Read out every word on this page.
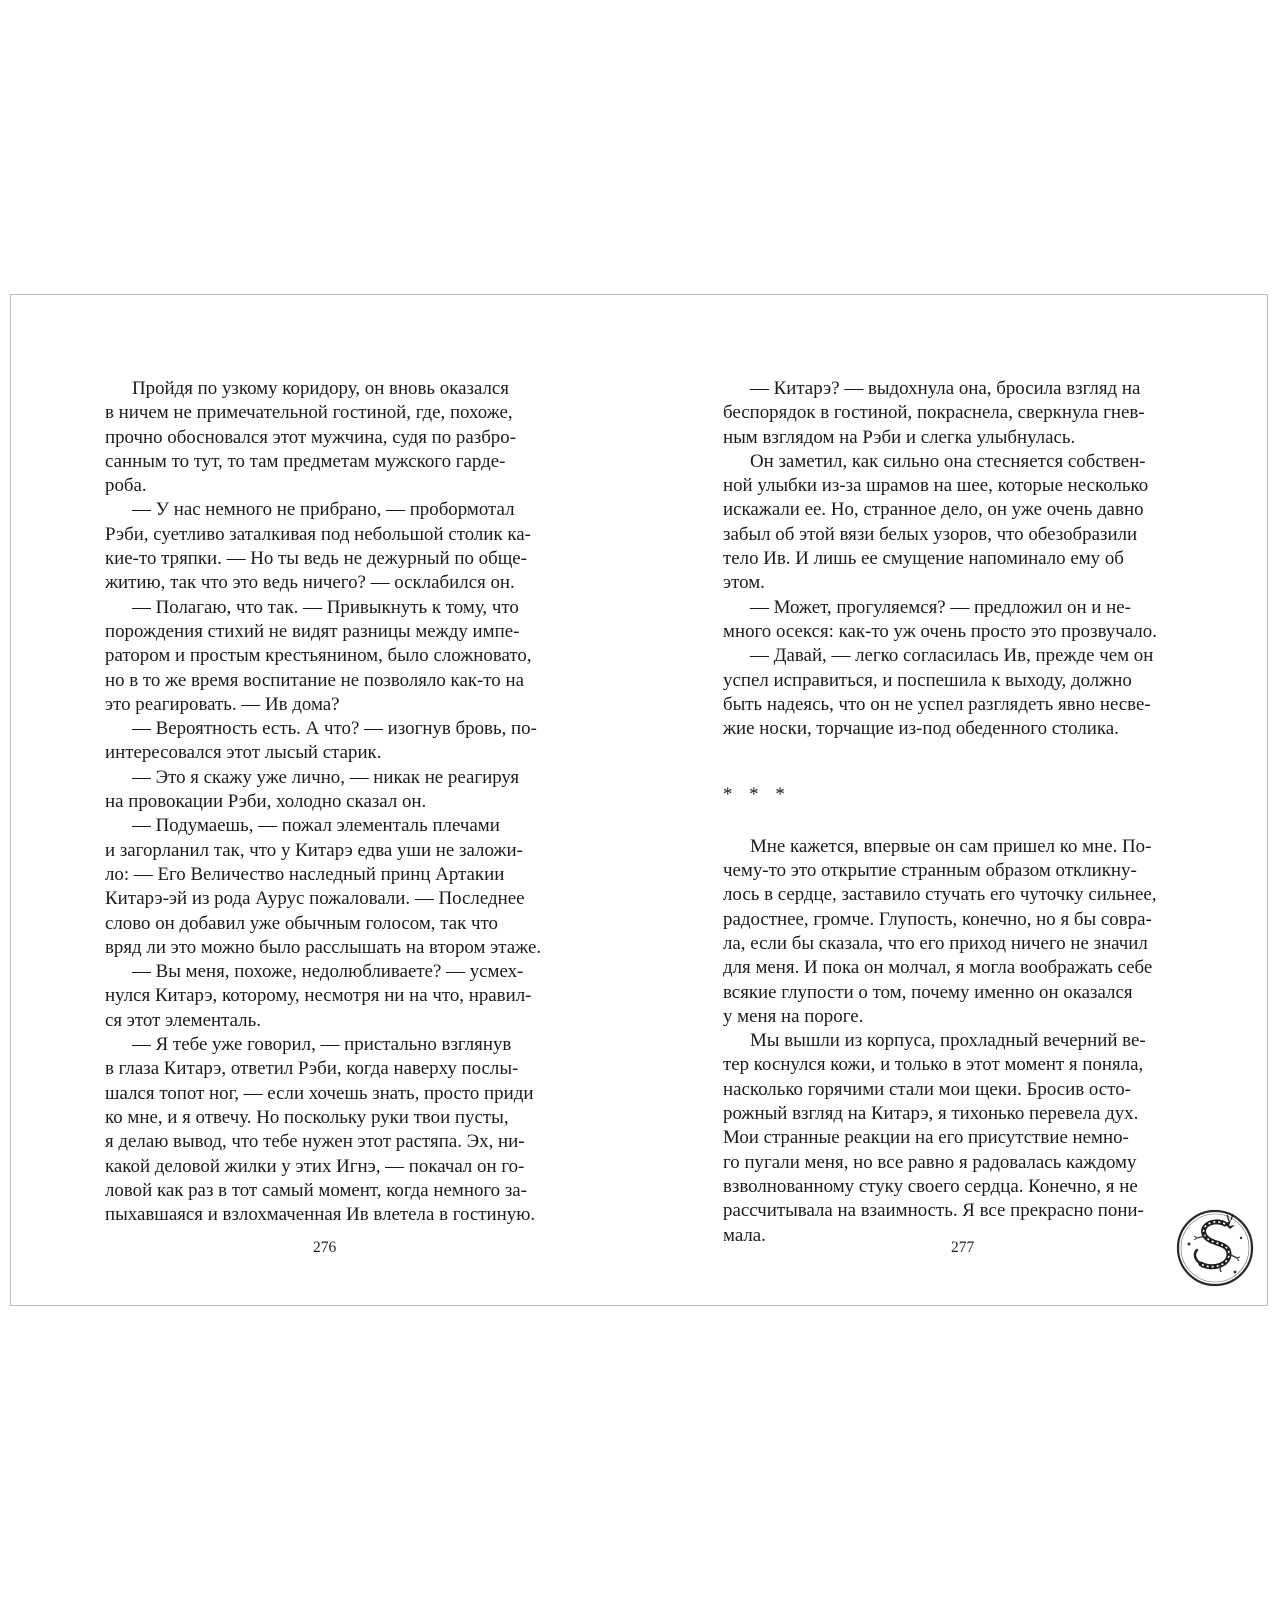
Пройдя по узкому коридору, он вновь оказался
в ничем не примечательной гостиной, где, похоже,
прочно обосновался этот мужчина, судя по разбро-
санным то тут, то там предметам мужского гарде-
роба.

— У нас немного не прибрано, — пробормотал
Рэби, суетливо заталкивая под небольшой столик ка-
кие-то тряпки. — Но ты ведь не дежурный по обще-
житию, так что это ведь ничего? — осклабился он.

— Полагаю, что так. — Привыкнуть к тому, что
порождения стихий не видят разницы между импе-
ратором и простым крестьянином, было сложновато,
но в то же время воспитание не позволяло как-то на
это реагировать. — Ив дома?

— Вероятность есть. А что? — изогнув бровь, по-
интересовался этот лысый старик.

— Это я скажу уже лично, — никак не реагируя
на провокации Рэби, холодно сказал он.

— Подумаешь, — пожал элементаль плечами
и загорланил так, что у Китарэ едва уши не заложи-
ло: — Его Величество наследный принц Артакии
Китарэ-эй из рода Аурус пожаловали. — Последнее
слово он добавил уже обычным голосом, так что
вряд ли это можно было расслышать на втором этаже.

— Вы меня, похоже, недолюбливаете? — усмех-
нулся Китарэ, которому, несмотря ни на что, нравил-
ся этот элементаль.

— Я тебе уже говорил, — пристально взглянув
в глаза Китарэ, ответил Рэби, когда наверху послы-
шался топот ног, — если хочешь знать, просто приди
ко мне, и я отвечу. Но поскольку руки твои пусты,
я делаю вывод, что тебе нужен этот растяпа. Эх, ни-
какой деловой жилки у этих Игнэ, — покачал он го-
ловой как раз в тот самый момент, когда немного за-
пыхавшаяся и взлохмаченная Ив влетела в гостиную.

— Китарэ? — выдохнула она, бросила взгляд на
беспорядок в гостиной, покраснела, сверкнула гнев-
ным взглядом на Рэби и слегка улыбнулась.

Он заметил, как сильно она стесняется собствен-
ной улыбки из-за шрамов на шее, которые несколько
искажали ее. Но, странное дело, он уже очень давно
забыл об этой вязи белых узоров, что обезобразили
тело Ив. И лишь ее смущение напоминало ему об
этом.

— Может, прогуляемся? — предложил он и не-
много осекся: как-то уж очень просто это прозвучало.

— Давай, — легко согласилась Ив, прежде чем он
успел исправиться, и поспешила к выходу, должно
быть надеясь, что он не успел разглядеть явно несве-
жие носки, торчащие из-под обеденного столика.

* * *

Мне кажется, впервые он сам пришел ко мне. По-
чему-то это открытие странным образом откликну-
лось в сердце, заставило стучать его чуточку сильнее,
радостнее, громче. Глупость, конечно, но я бы совра-
ла, если бы сказала, что его приход ничего не значил
для меня. И пока он молчал, я могла воображать себе
всякие глупости о том, почему именно он оказался
у меня на пороге.

Мы вышли из корпуса, прохладный вечерний ве-
тер коснулся кожи, и только в этот момент я поняла,
насколько горячими стали мои щеки. Бросив осто-
рожный взгляд на Китарэ, я тихонько перевела дух.
Мои странные реакции на его присутствие немно-
го пугали меня, но все равно я радовалась каждому
взволнованному стуку своего сердца. Конечно, я не
рассчитывала на взаимность. Я все прекрасно пони-
мала.

276	277
